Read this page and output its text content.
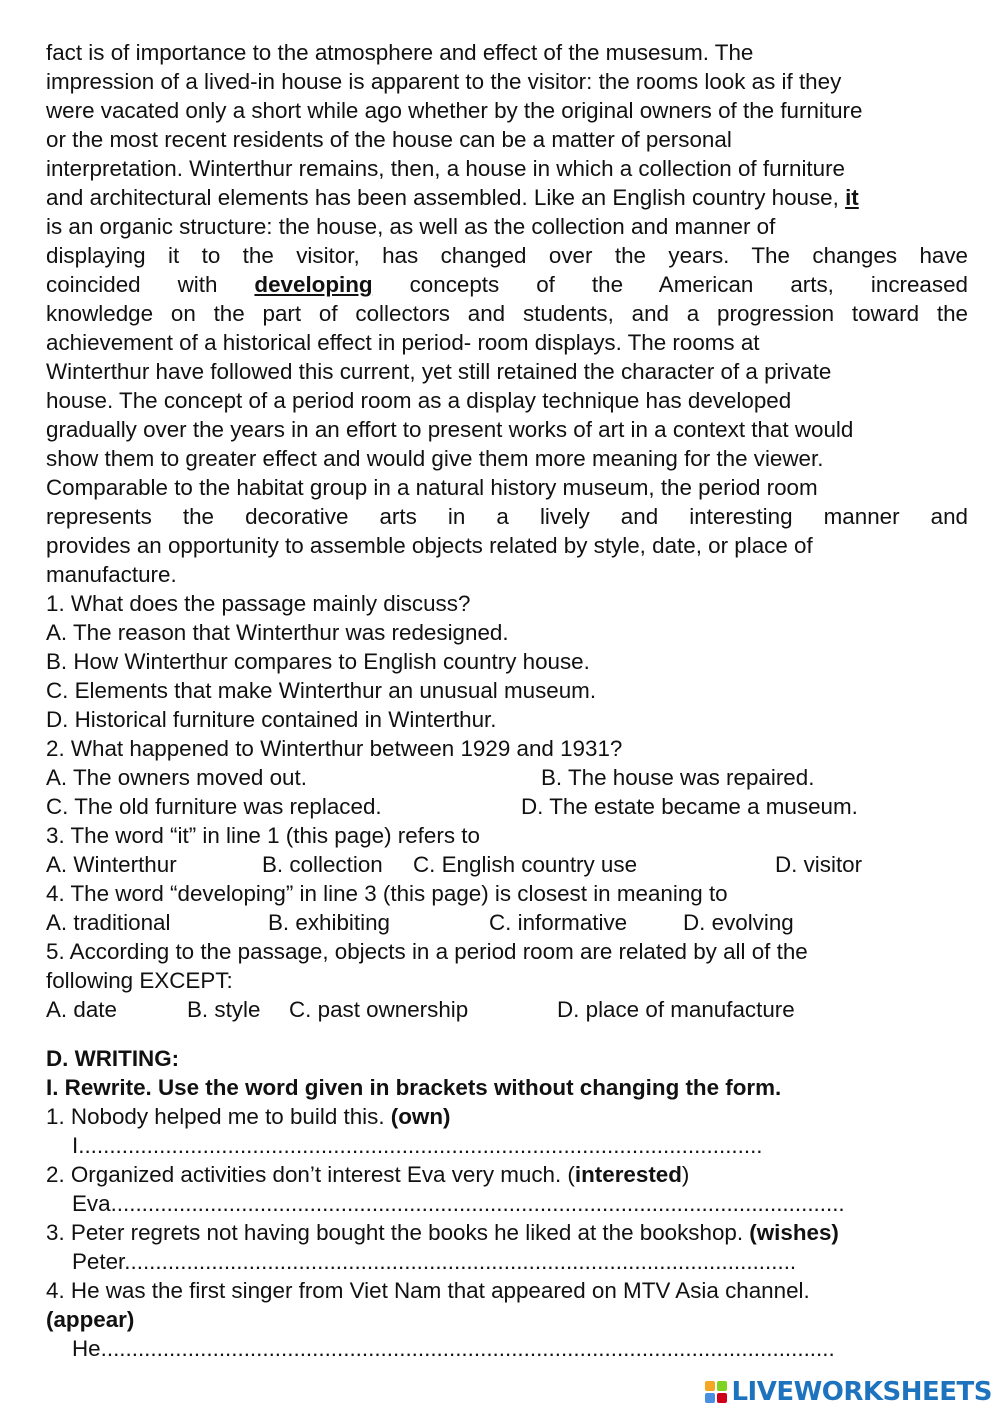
fact is of importance to the atmosphere and effect of the musesum. The
impression of a lived-in house is apparent to the visitor: the rooms look as if they
were vacated only a short while ago whether by the original owners of the furniture
or the most recent residents of the house can be a matter of personal
interpretation. Winterthur remains, then, a house in which a collection of furniture
and architectural elements has been assembled. Like an English country house, it
is an organic structure: the house, as well as the collection and manner of
displaying it to the visitor, has changed over the years. The changes have
coincided with developing concepts of the American arts, increased
knowledge on the part of collectors and students, and a progression toward the
achievement of a historical effect in period- room displays. The rooms at
Winterthur have followed this current, yet still retained the character of a private
house. The concept of a period room as a display technique has developed
gradually over the years in an effort to present works of art in a context that would
show them to greater effect and would give them more meaning for the viewer.
Comparable to the habitat group in a natural history museum, the period room
represents the decorative arts in a lively and interesting manner and
provides an opportunity to assemble objects related by style, date, or place of
manufacture.
1. What does the passage mainly discuss?
A. The reason that Winterthur was redesigned.
B. How Winterthur compares to English country house.
C. Elements that make Winterthur an unusual museum.
D. Historical furniture contained in Winterthur.
2. What happened to Winterthur between 1929 and 1931?
A. The owners moved out.	B. The house was repaired.
C. The old furniture was replaced.	D. The estate became a museum.
3. The word “it” in line 1 (this page) refers to
A. Winterthur	B. collection C. English country use	D. visitor
4. The word “developing” in line 3 (this page) is closest in meaning to
A. traditional	B. exhibiting	C. informative D. evolving
5. According to the passage, objects in a period room are related by all of the
following EXCEPT:
A. date	B. style C. past ownership	D. place of manufacture
D. WRITING:
I. Rewrite. Use the word given in brackets without changing the form.
1. Nobody helped me to build this. (own)
I..............................................................................................................
2. Organized activities don’t interest Eva very much. (interested)
Eva......................................................................................................................
3. Peter regrets not having bought the books he liked at the bookshop. (wishes)
Peter............................................................................................................
4. He was the first singer from Viet Nam that appeared on MTV Asia channel.
(appear)
He......................................................................................................................
LIVEWORKSHEETS
